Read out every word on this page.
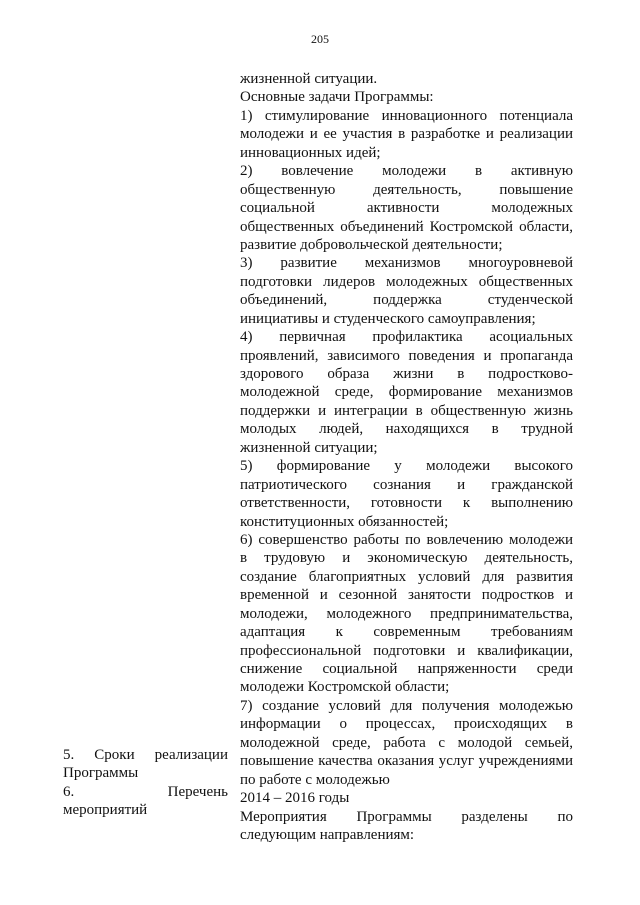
205
жизненной ситуации.
Основные задачи Программы:
1) стимулирование инновационного потенциала
молодежи и ее участия в разработке и реализации
инновационных идей;
2) вовлечение молодежи в активную
общественную деятельность, повышение
социальной активности молодежных
общественных объединений Костромской области,
развитие добровольческой деятельности;
3) развитие механизмов многоуровневой
подготовки лидеров молодежных общественных
объединений, поддержка студенческой
инициативы и студенческого самоуправления;
4) первичная профилактика асоциальных
проявлений, зависимого поведения и пропаганда
здорового образа жизни в подростково-
молодежной среде, формирование механизмов
поддержки и интеграции в общественную жизнь
молодых людей, находящихся в трудной
жизненной ситуации;
5) формирование у молодежи высокого
патриотического сознания и гражданской
ответственности, готовности к выполнению
конституционных обязанностей;
6) совершенство работы по вовлечению молодежи
в трудовую и экономическую деятельность,
создание благоприятных условий для развития
временной и сезонной занятости подростков и
молодежи, молодежного предпринимательства,
адаптация к современным требованиям
профессиональной подготовки и квалификации,
снижение социальной напряженности среди
молодежи Костромской области;
7) создание условий для получения молодежью
информации о процессах, происходящих в
молодежной среде, работа с молодой семьей,
повышение качества оказания услуг учреждениями
по работе с молодежью
2014 – 2016 годы
Мероприятия Программы разделены по
следующим направлениям:
5. Сроки реализации
Программы
6. Перечень
мероприятий
